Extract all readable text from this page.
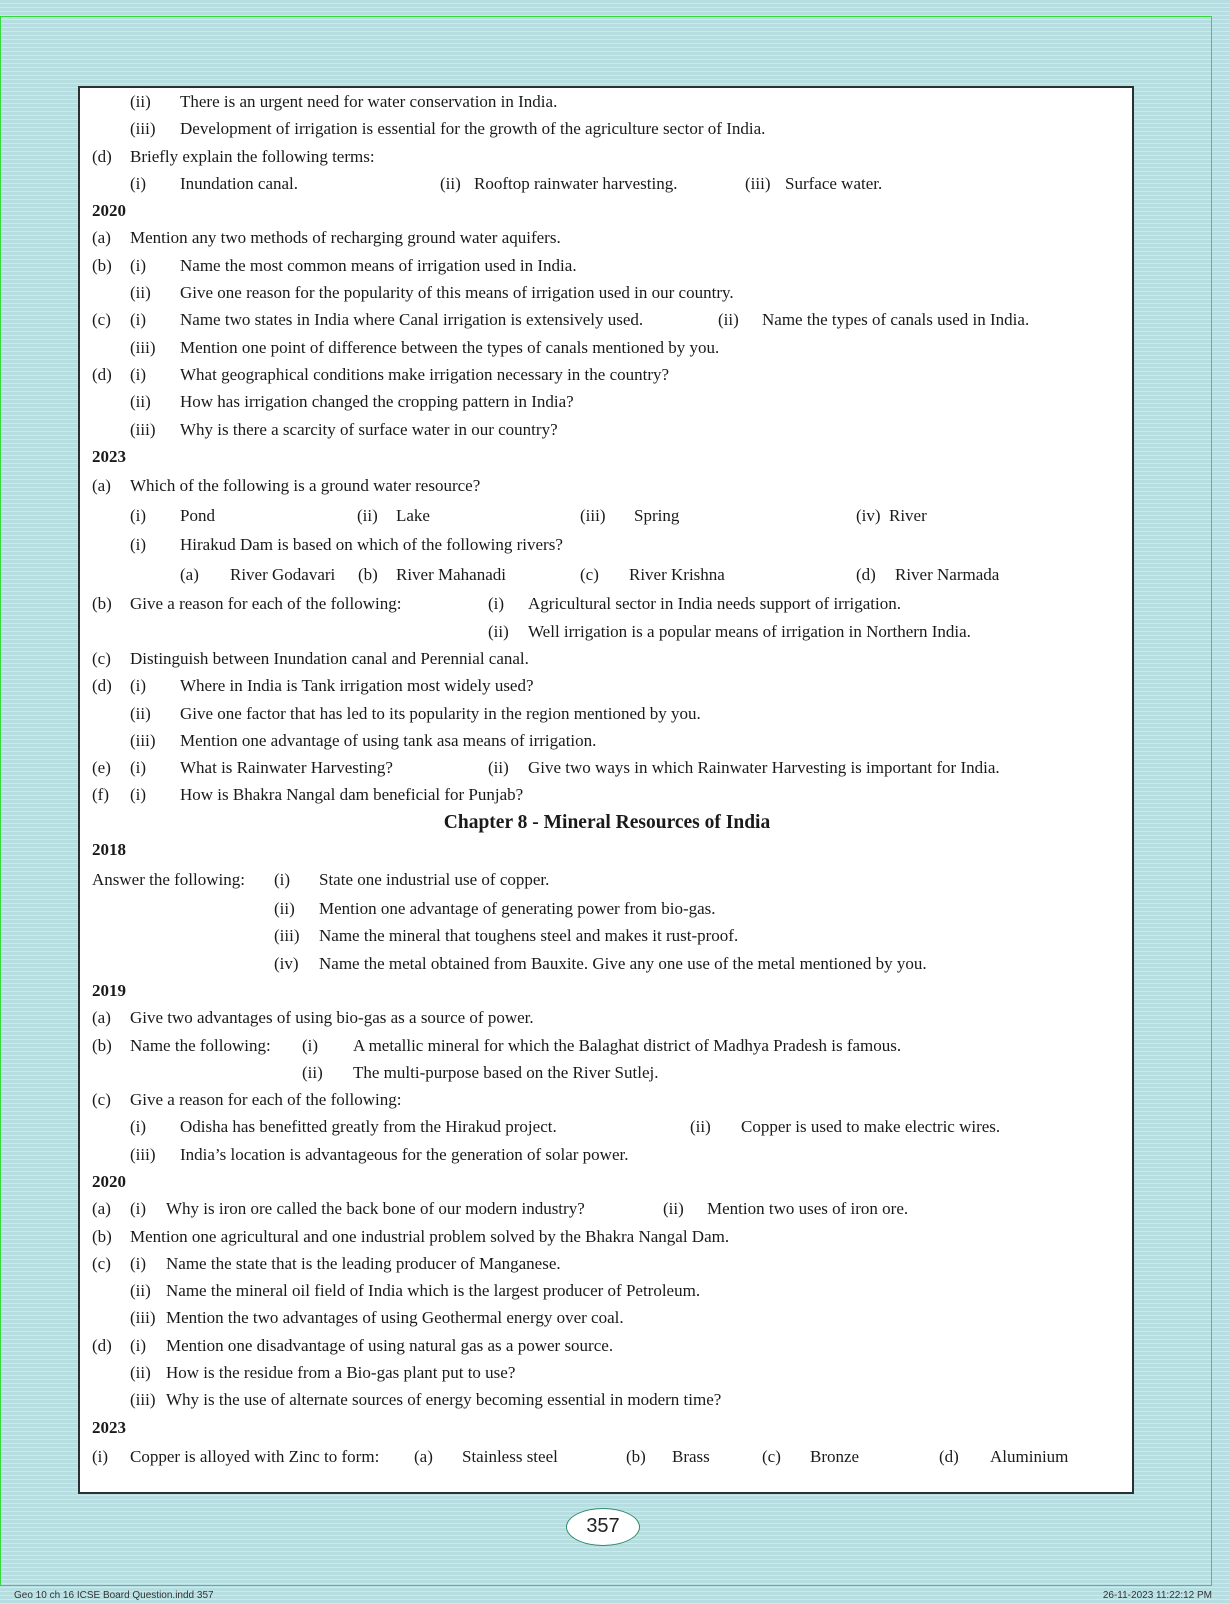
(ii) There is an urgent need for water conservation in India.
(iii) Development of irrigation is essential for the growth of the agriculture sector of India.
(d) Briefly explain the following terms:
(i) Inundation canal.	(ii) Rooftop rainwater harvesting.	(iii) Surface water.
2020
(a) Mention any two methods of recharging ground water aquifers.
(b) (i) Name the most common means of irrigation used in India.
(ii) Give one reason for the popularity of this means of irrigation used in our country.
(c) (i) Name two states in India where Canal irrigation is extensively used.	(ii) Name the types of canals used in India.
(iii) Mention one point of difference between the types of canals mentioned by you.
(d) (i) What geographical conditions make irrigation necessary in the country?
(ii) How has irrigation changed the cropping pattern in India?
(iii) Why is there a scarcity of surface water in our country?
2023
(a) Which of the following is a ground water resource?
(i) Pond	(ii) Lake	(iii) Spring	(iv) River
(i) Hirakud Dam is based on which of the following rivers?
(a) River Godavari (b) River Mahanadi	(c) River Krishna	(d) River Narmada
(b) Give a reason for each of the following:	(i) Agricultural sector in India needs support of irrigation.
(ii) Well irrigation is a popular means of irrigation in Northern India.
(c) Distinguish between Inundation canal and Perennial canal.
(d) (i) Where in India is Tank irrigation most widely used?
(ii) Give one factor that has led to its popularity in the region mentioned by you.
(iii) Mention one advantage of using tank asa means of irrigation.
(e) (i) What is Rainwater Harvesting?	(ii) Give two ways in which Rainwater Harvesting is important for India.
(f) (i) How is Bhakra Nangal dam beneficial for Punjab?
Chapter 8 - Mineral Resources of India
2018
Answer the following: (i) State one industrial use of copper.
(ii) Mention one advantage of generating power from bio-gas.
(iii) Name the mineral that toughens steel and makes it rust-proof.
(iv) Name the metal obtained from Bauxite. Give any one use of the metal mentioned by you.
2019
(a) Give two advantages of using bio-gas as a source of power.
(b) Name the following: (i) A metallic mineral for which the Balaghat district of Madhya Pradesh is famous.
(ii) The multi-purpose based on the River Sutlej.
(c) Give a reason for each of the following:
(i) Odisha has benefitted greatly from the Hirakud project.	(ii) Copper is used to make electric wires.
(iii) India’s location is advantageous for the generation of solar power.
2020
(a) (i) Why is iron ore called the back bone of our modern industry?	(ii) Mention two uses of iron ore.
(b) Mention one agricultural and one industrial problem solved by the Bhakra Nangal Dam.
(c) (i) Name the state that is the leading producer of Manganese.
(ii) Name the mineral oil field of India which is the largest producer of Petroleum.
(iii) Mention the two advantages of using Geothermal energy over coal.
(d) (i) Mention one disadvantage of using natural gas as a power source.
(ii) How is the residue from a Bio-gas plant put to use?
(iii) Why is the use of alternate sources of energy becoming essential in modern time?
2023
(i) Copper is alloyed with Zinc to form: (a) Stainless steel	(b) Brass	(c) Bronze	(d) Aluminium
357
Geo 10 ch 16 ICSE Board Question.indd 357	26-11-2023 11:22:12 PM
